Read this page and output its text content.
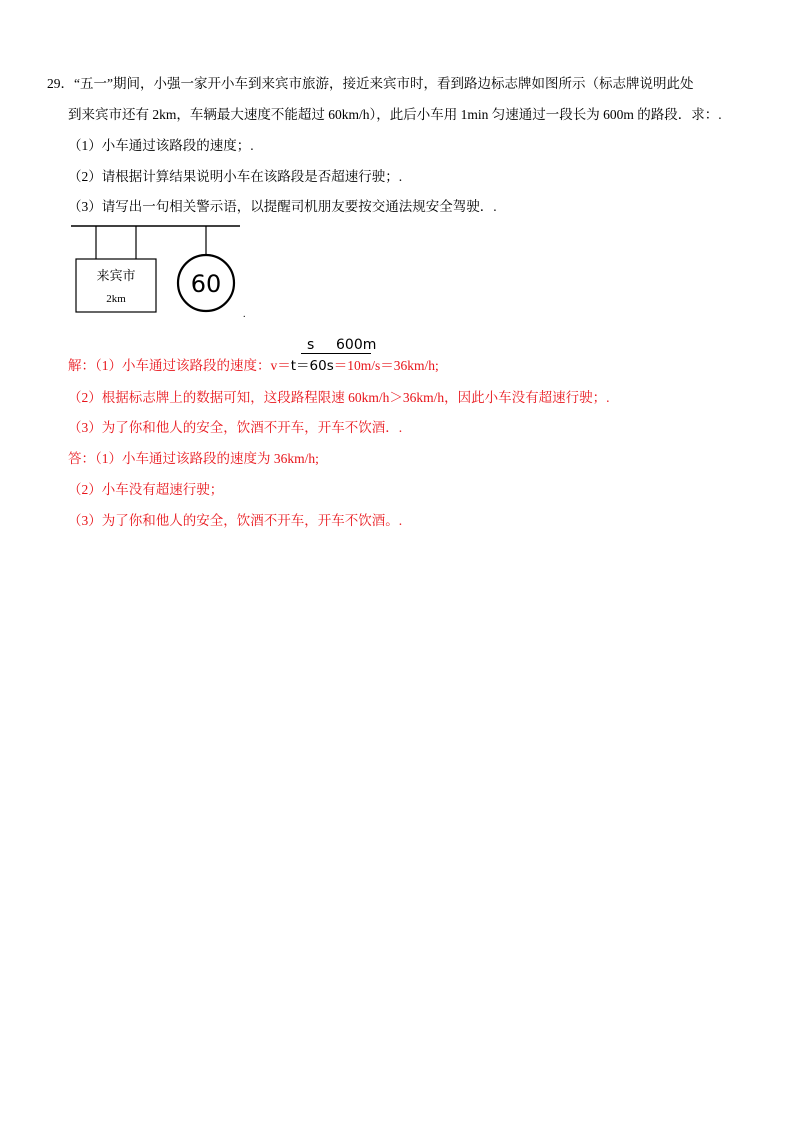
29．“五一”期间，小强一家开小车到来宾市旅游，接近来宾市时，看到路边标志牌如图所示（标志牌说明此处
到来宾市还有 2km，车辆最大速度不能超过 60km/h），此后小车用 1min 匀速通过一段长为 600m 的路段．求：.
（1）小车通过该路段的速度；.
（2）请根据计算结果说明小车在该路段是否超速行驶；.
（3）请写出一句相关警示语，以提醒司机朋友要按交通法规安全驾驶．.
来宾市
2km
60
.
s 600m
解：（1）小车通过该路段的速度：v＝t＝60s＝10m/s＝36km/h;
（2）根据标志牌上的数据可知，这段路程限速 60km/h＞36km/h，因此小车没有超速行驶；.
（3）为了你和他人的安全，饮酒不开车，开车不饮酒．.
答：（1）小车通过该路段的速度为 36km/h;
（2）小车没有超速行驶；
（3）为了你和他人的安全，饮酒不开车，开车不饮酒。.
